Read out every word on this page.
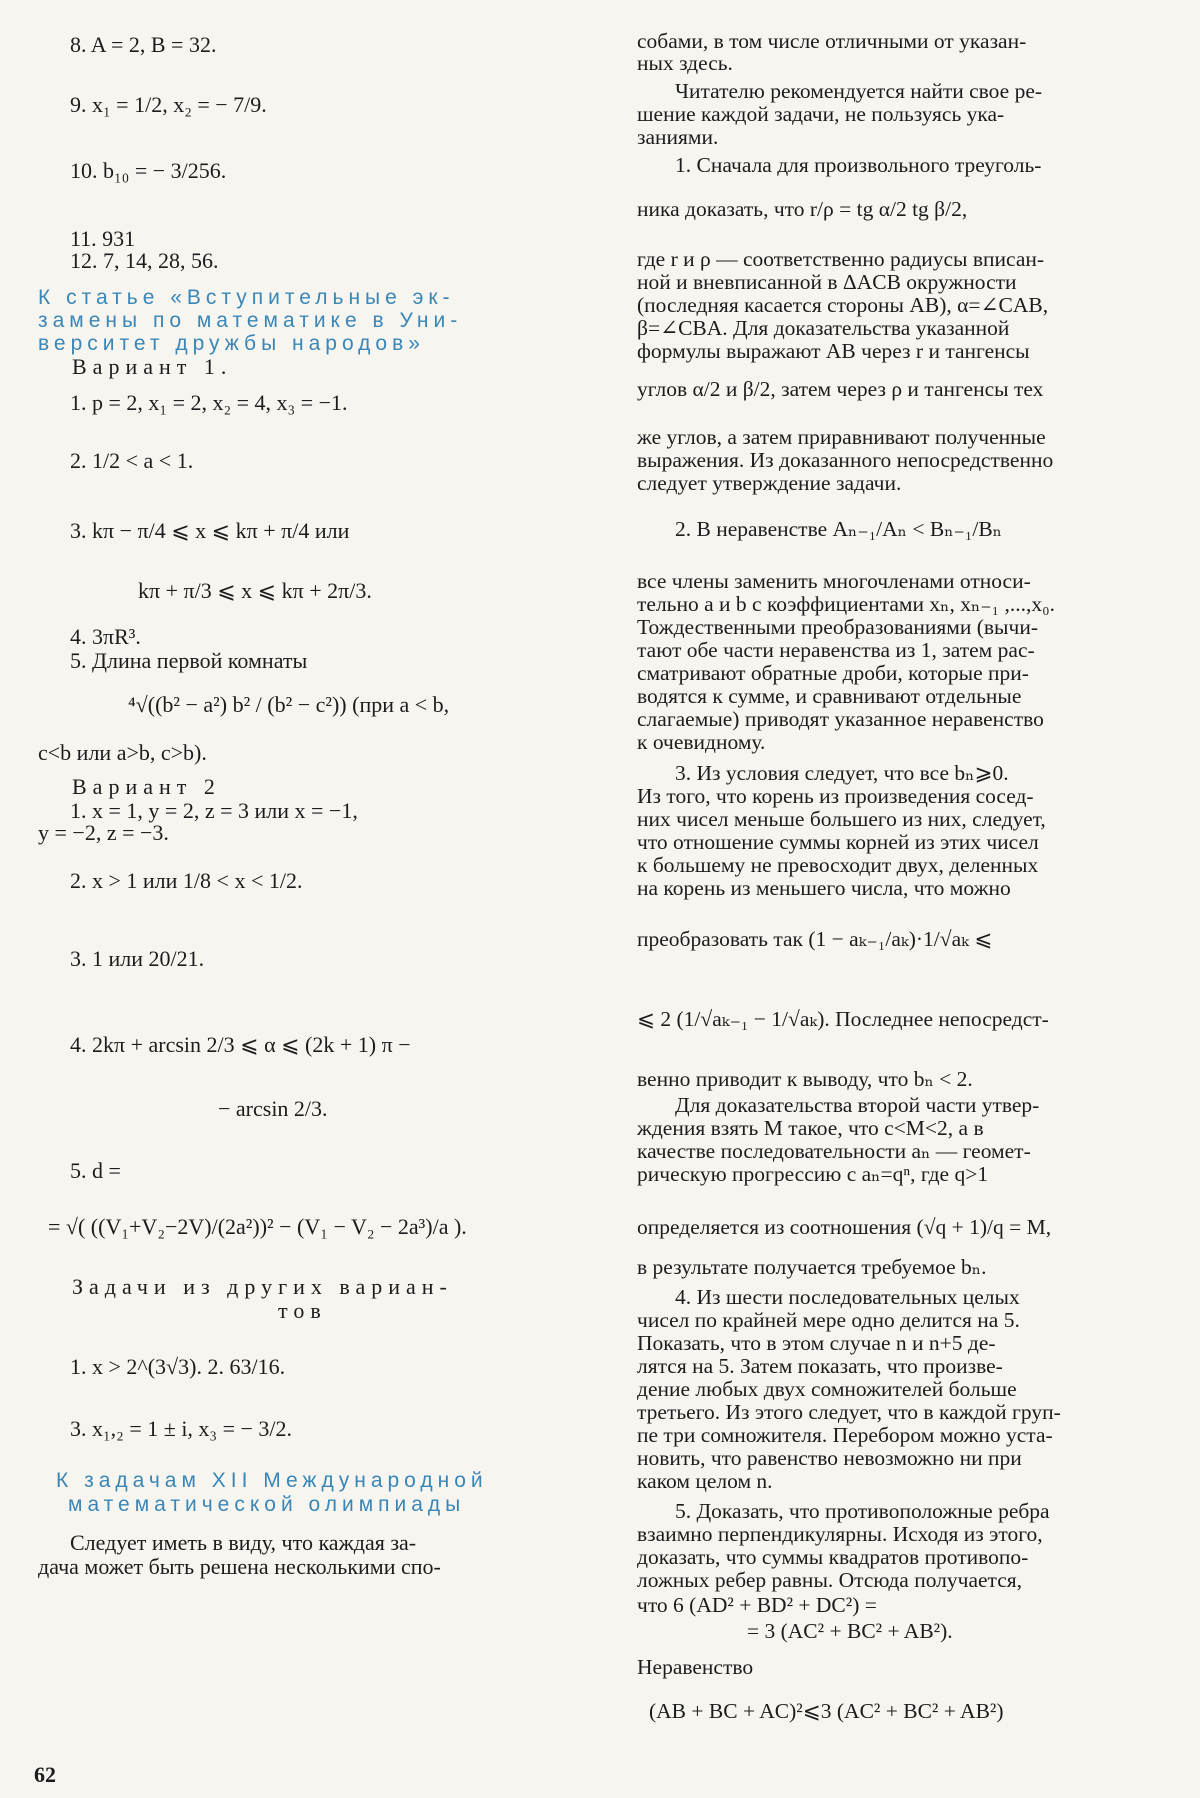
8. A = 2, B = 32.
9. x₁ = 1/2, x₂ = − 7/9.
10. b₁₀ = − 3/256.
11. 931
12. 7, 14, 28, 56.
К статье «Вступительные эк-
замены по математике в Уни-
верситет дружбы народов»
Вариант 1.
1. p = 2, x₁ = 2, x₂ = 4, x₃ = −1.
2. 1/2 < a < 1.
3. kπ − π/4 ⩽ x ⩽ kπ + π/4 или
kπ + π/3 ⩽ x ⩽ kπ + 2π/3.
4. 3πR³.
5. Длина первой комнаты
⁴√((b² − a²) b² / (b² − c²)) (при a < b,
c<b или a>b, c>b).
Вариант 2
1. x = 1, y = 2, z = 3 или x = −1,
y = −2, z = −3.
2. x > 1 или 1/8 < x < 1/2.
3. 1 или 20/21.
4. 2kπ + arcsin 2/3 ⩽ α ⩽ (2k + 1) π −
− arcsin 2/3.
5. d =
= √( ((V₁+V₂−2V)/(2a²))² − (V₁ − V₂ − 2a³)/a ).
Задачи из других вариан-
тов
1. x > 2^(3√3). 2. 63/16.
3. x₁,₂ = 1 ± i, x₃ = − 3/2.
К задачам XII Международной
математической олимпиады
Следует иметь в виду, что каждая за-
дача может быть решена несколькими спо-
собами, в том числе отличными от указан-
ных здесь.
Читателю рекомендуется найти свое ре-
шение каждой задачи, не пользуясь ука-
заниями.
1. Сначала для произвольного треуголь-
ника доказать, что r/ρ = tg α/2 tg β/2,
где r и ρ — соответственно радиусы вписан-
ной и вневписанной в ΔACB окружности
(последняя касается стороны AB), α=∠CAB,
β=∠CBA. Для доказательства указанной
формулы выражают AB через r и тангенсы
углов α/2 и β/2, затем через ρ и тангенсы тех
же углов, а затем приравнивают полученные
выражения. Из доказанного непосредственно
следует утверждение задачи.
2. В неравенстве Aₙ₋₁/Aₙ < Bₙ₋₁/Bₙ
все члены заменить многочленами относи-
тельно a и b с коэффициентами xₙ, xₙ₋₁ ,...,x₀.
Тождественными преобразованиями (вычи-
тают обе части неравенства из 1, затем рас-
сматривают обратные дроби, которые при-
водятся к сумме, и сравнивают отдельные
слагаемые) приводят указанное неравенство
к очевидному.
3. Из условия следует, что все bₙ⩾0.
Из того, что корень из произведения сосед-
них чисел меньше большего из них, следует,
что отношение суммы корней из этих чисел
к большему не превосходит двух, деленных
на корень из меньшего числа, что можно
преобразовать так (1 − aₖ₋₁/aₖ)·1/√aₖ ⩽
⩽ 2 (1/√aₖ₋₁ − 1/√aₖ). Последнее непосредст-
венно приводит к выводу, что bₙ < 2.
Для доказательства второй части утвер-
ждения взять M такое, что c<M<2, а в
качестве последовательности aₙ — геомет-
рическую прогрессию с aₙ=qⁿ, где q>1
определяется из соотношения (√q + 1)/q = M,
в результате получается требуемое bₙ.
4. Из шести последовательных целых
чисел по крайней мере одно делится на 5.
Показать, что в этом случае n и n+5 де-
лятся на 5. Затем показать, что произве-
дение любых двух сомножителей больше
третьего. Из этого следует, что в каждой груп-
пе три сомножителя. Перебором можно уста-
новить, что равенство невозможно ни при
каком целом n.
5. Доказать, что противоположные ребра
взаимно перпендикулярны. Исходя из этого,
доказать, что суммы квадратов противопо-
ложных ребер равны. Отсюда получается,
что 6 (AD² + BD² + DC²) =
= 3 (AC² + BC² + AB²).
Неравенство
(AB + BC + AC)²⩽3 (AC² + BC² + AB²)
62
